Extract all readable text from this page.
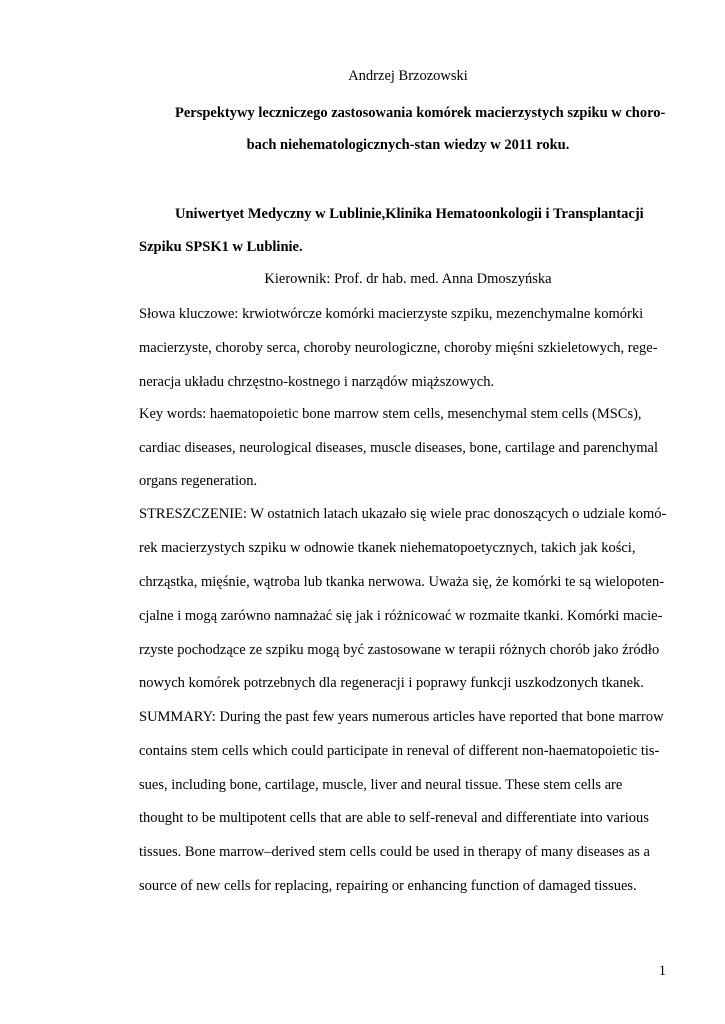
Andrzej Brzozowski
Perspektywy leczniczego zastosowania komórek macierzystych szpiku w choro-
bach niehematologicznych-stan wiedzy w 2011 roku.
Uniwertyet Medyczny w Lublinie,Klinika Hematoonkologii i Transplantacji
Szpiku SPSK1 w Lublinie.
Kierownik: Prof. dr hab. med. Anna Dmoszyńska
Słowa kluczowe: krwiotwórcze komórki macierzyste szpiku, mezenchymalne komórki
macierzyste, choroby serca, choroby neurologiczne, choroby mięśni szkieletowych, rege-
neracja układu chrzęstno-kostnego i narządów miąższowych.
Key words: haematopoietic bone marrow stem cells, mesenchymal stem cells (MSCs),
cardiac diseases, neurological diseases, muscle diseases, bone, cartilage and parenchymal
organs regeneration.
STRESZCZENIE: W ostatnich latach ukazało się wiele prac donoszących o udziale komó-
rek macierzystych szpiku w odnowie tkanek niehematopoetycznych, takich jak kości,
chrząstka, mięśnie, wątroba lub tkanka nerwowa. Uważa się, że komórki te są wielopoten-
cjalne i mogą zarówno namnażać się jak i różnicować w rozmaite tkanki. Komórki macie-
rzyste pochodzące ze szpiku mogą być zastosowane w terapii różnych chorób jako źródło
nowych komórek potrzebnych dla regeneracji i poprawy funkcji uszkodzonych tkanek.
SUMMARY: During the past few years numerous articles have reported that bone marrow
contains stem cells which could participate in reneval of different non-haematopoietic tis-
sues, including bone, cartilage, muscle, liver and neural tissue. These stem cells are
thought to be multipotent cells that are able to self-reneval and differentiate into various
tissues. Bone marrow–derived stem cells could be used in therapy of many diseases as a
source of new cells for replacing, repairing or enhancing function of damaged tissues.
1
